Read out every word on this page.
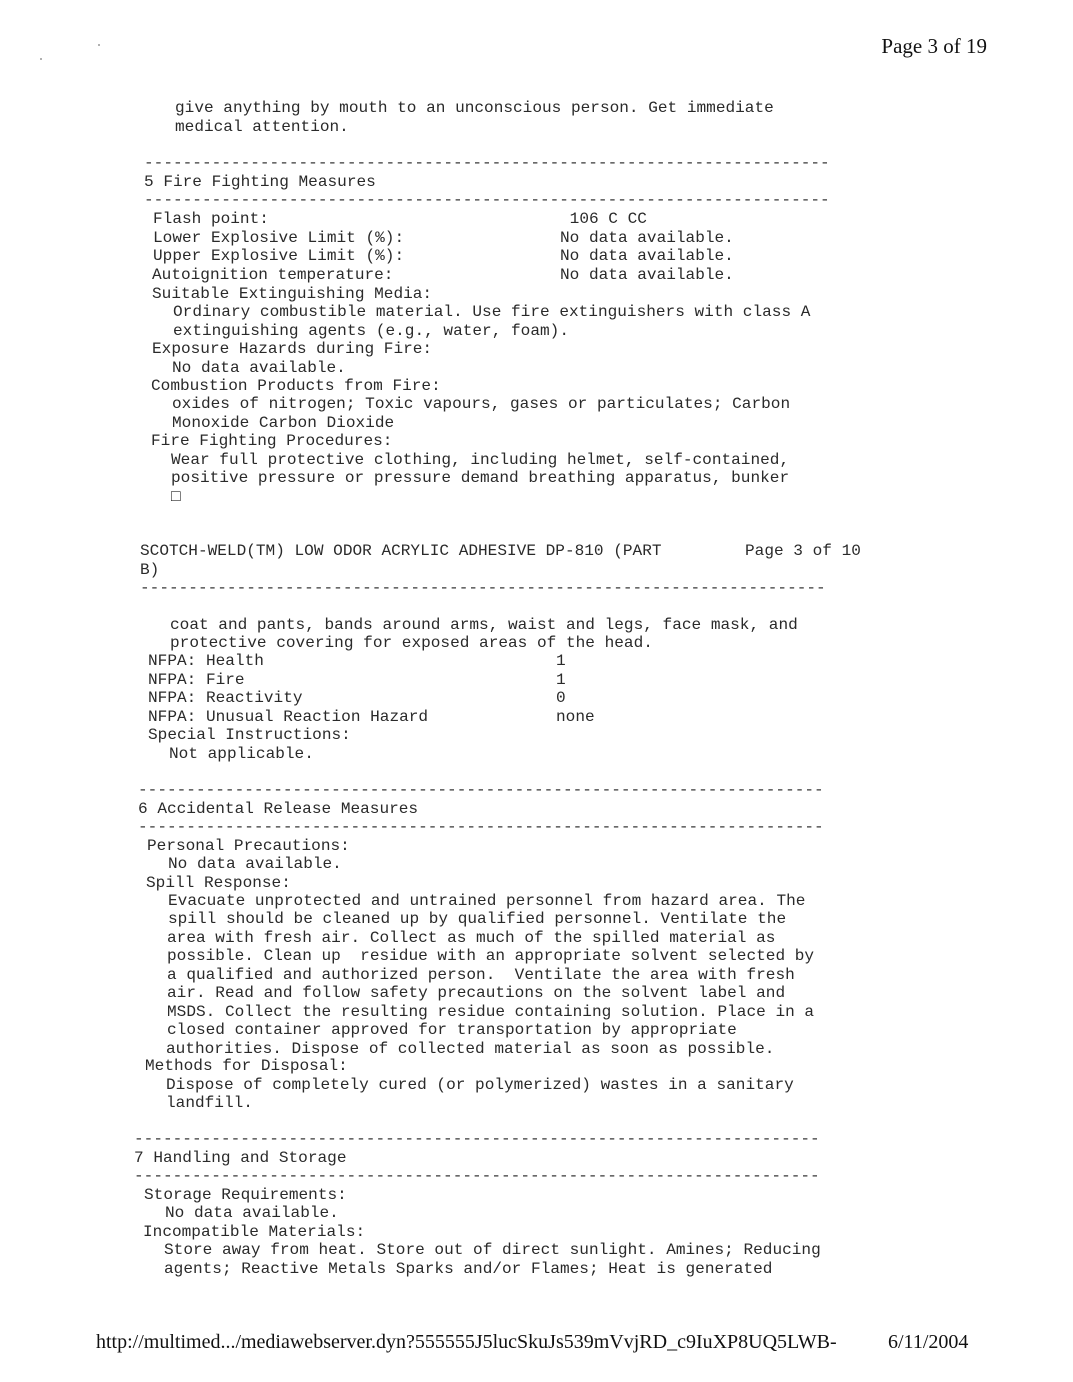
Page 3 of 19
give anything by mouth to an unconscious person. Get immediate
medical attention.
-----------------------------------------------------------------------
5 Fire Fighting Measures
-----------------------------------------------------------------------
Flash point:	106 C CC
Lower Explosive Limit (%):	No data available.
Upper Explosive Limit (%):	No data available.
Autoignition temperature:	No data available.
Suitable Extinguishing Media:
Ordinary combustible material. Use fire extinguishers with class A
extinguishing agents (e.g., water, foam).
Exposure Hazards during Fire:
No data available.
Combustion Products from Fire:
oxides of nitrogen; Toxic vapours, gases or particulates; Carbon
Monoxide Carbon Dioxide
Fire Fighting Procedures:
Wear full protective clothing, including helmet, self-contained,
positive pressure or pressure demand breathing apparatus, bunker
□
SCOTCH-WELD(TM) LOW ODOR ACRYLIC ADHESIVE DP-810 (PART	Page 3 of 10
B)
-----------------------------------------------------------------------
coat and pants, bands around arms, waist and legs, face mask, and
protective covering for exposed areas of the head.
NFPA: Health	1
NFPA: Fire	1
NFPA: Reactivity	0
NFPA: Unusual Reaction Hazard	none
Special Instructions:
Not applicable.
-----------------------------------------------------------------------
6 Accidental Release Measures
-----------------------------------------------------------------------
Personal Precautions:
No data available.
Spill Response:
Evacuate unprotected and untrained personnel from hazard area. The
spill should be cleaned up by qualified personnel. Ventilate the
area with fresh air. Collect as much of the spilled material as
possible. Clean up  residue with an appropriate solvent selected by
a qualified and authorized person.  Ventilate the area with fresh
air. Read and follow safety precautions on the solvent label and
MSDS. Collect the resulting residue containing solution. Place in a
closed container approved for transportation by appropriate
authorities. Dispose of collected material as soon as possible.
Methods for Disposal:
Dispose of completely cured (or polymerized) wastes in a sanitary
landfill.
-----------------------------------------------------------------------
7 Handling and Storage
-----------------------------------------------------------------------
Storage Requirements:
No data available.
Incompatible Materials:
Store away from heat. Store out of direct sunlight. Amines; Reducing
agents; Reactive Metals Sparks and/or Flames; Heat is generated
http://multimed.../mediawebserver.dyn?555555J5lucSkuJs539mVvjRD_c9IuXP8UQ5LWB-	6/11/2004
